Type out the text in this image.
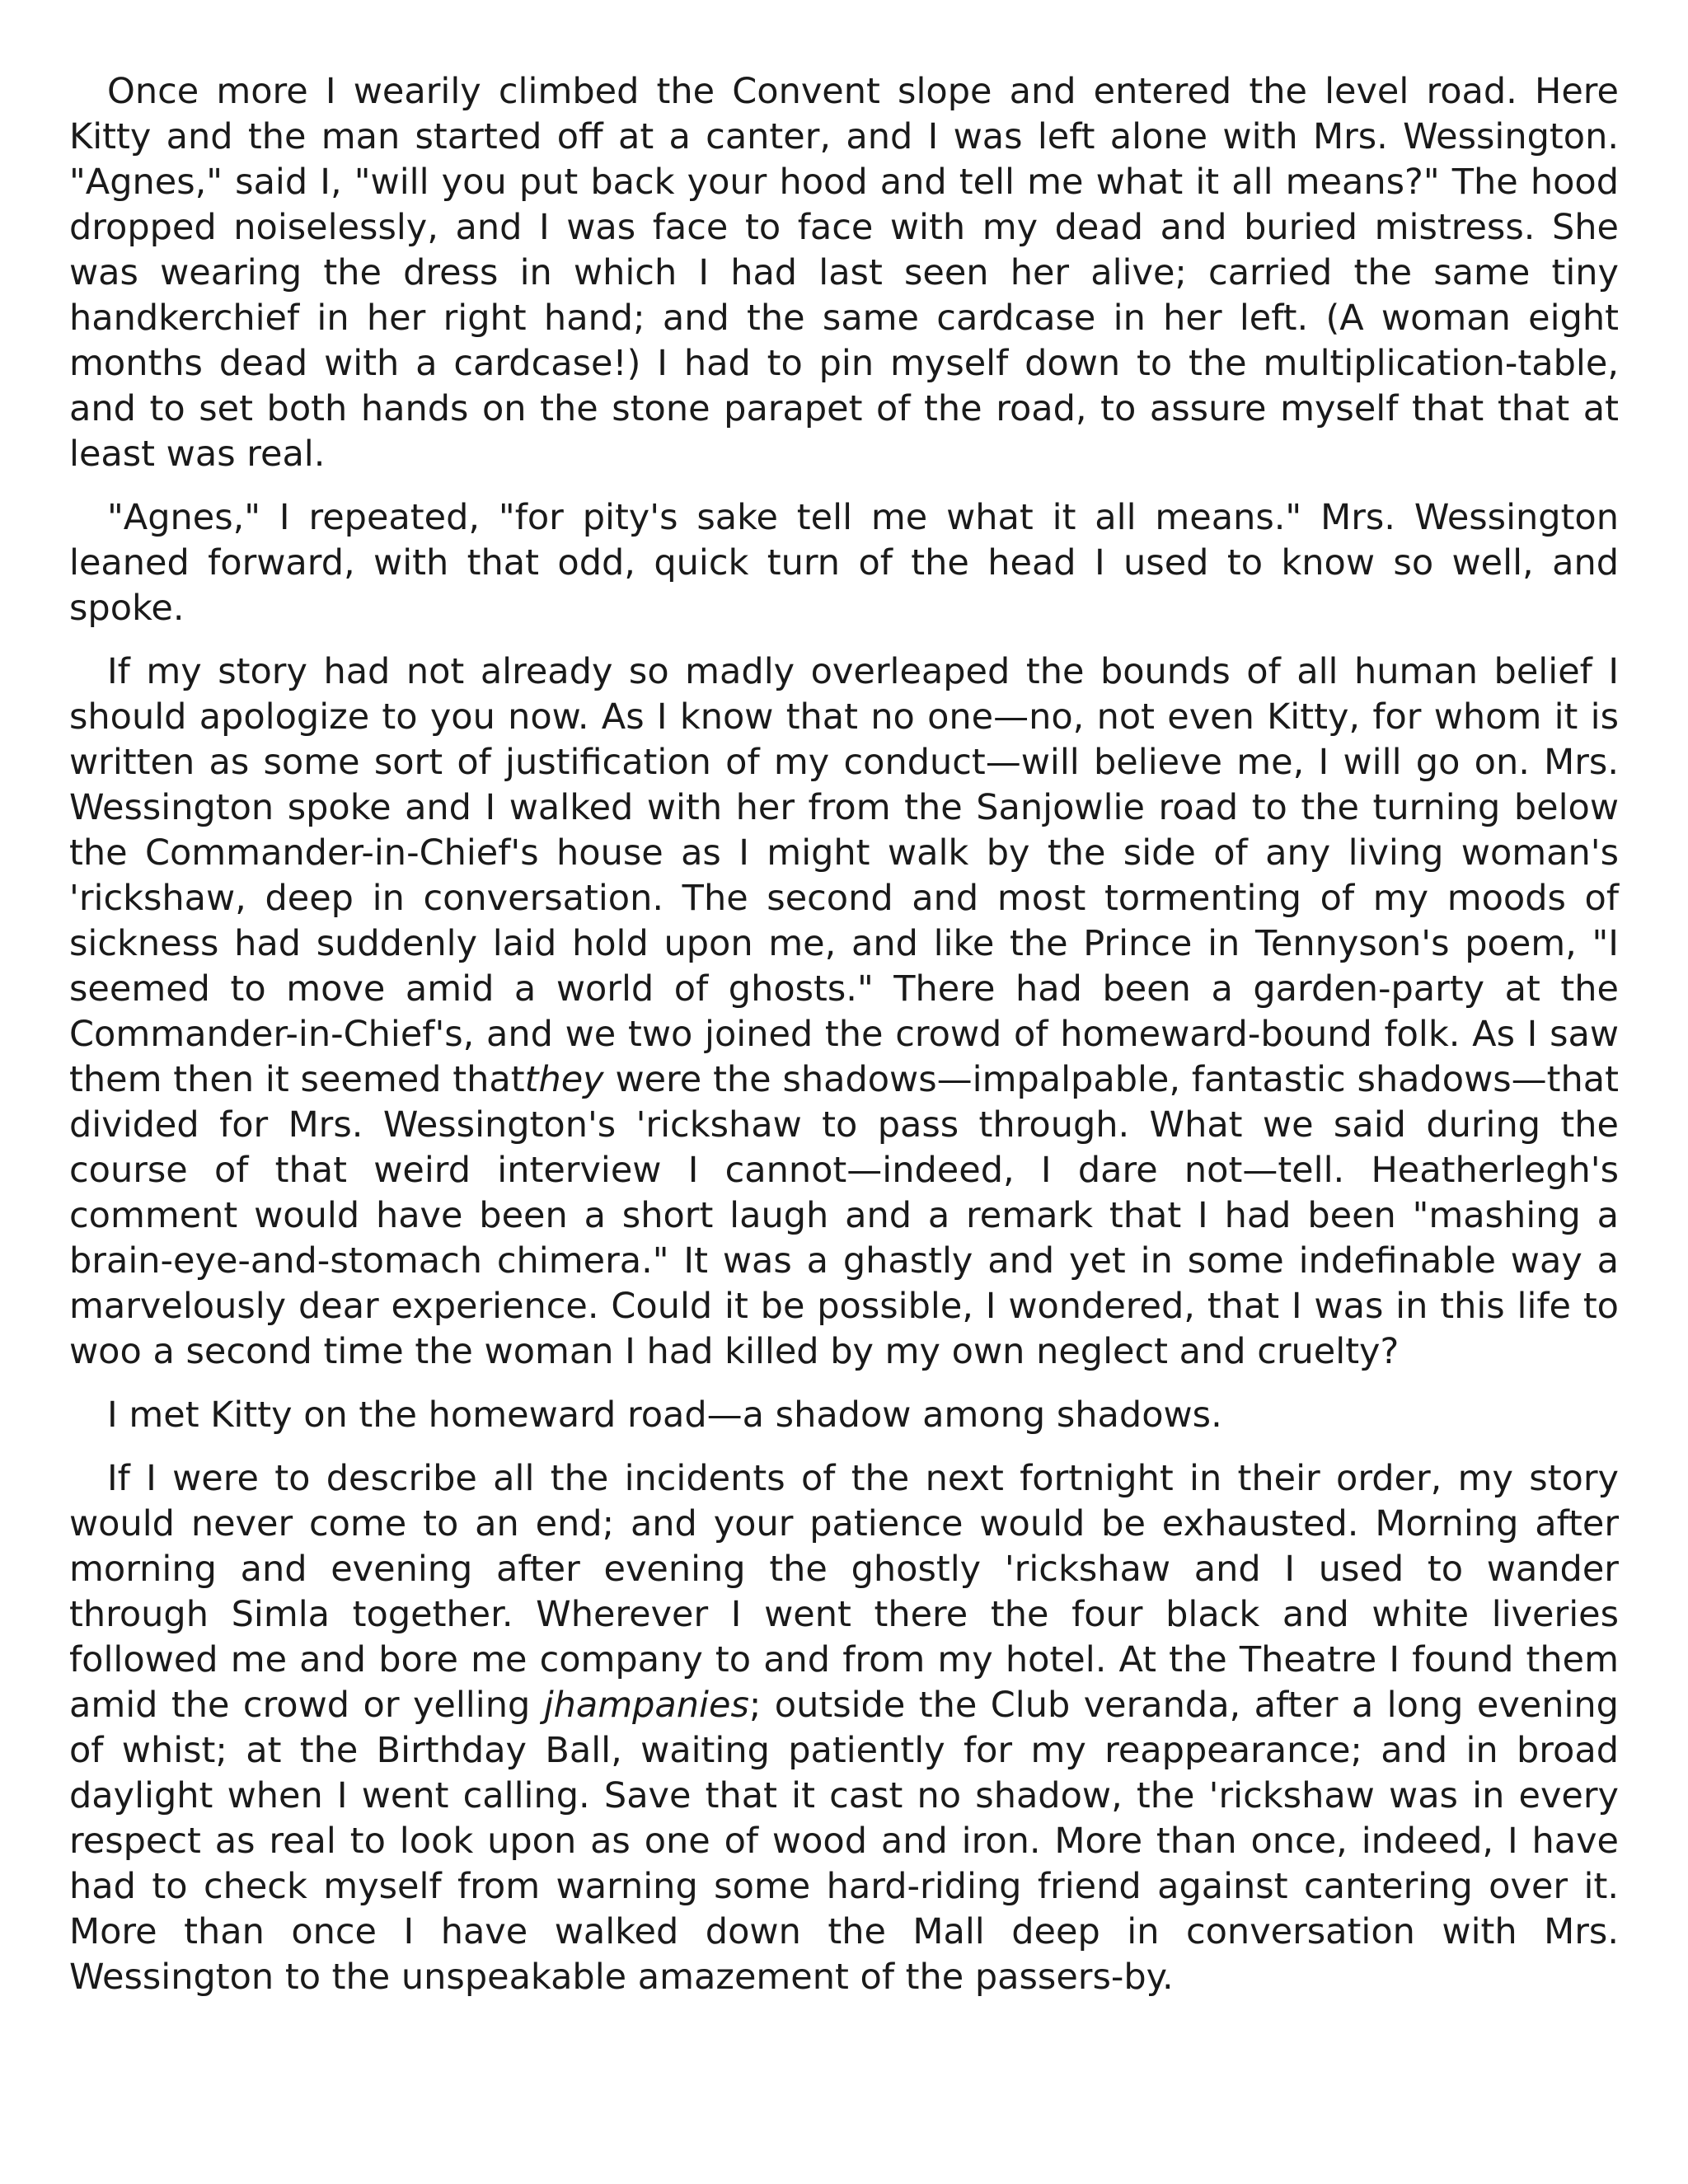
Once more I wearily climbed the Convent slope and entered the level road. Here Kitty and the man started off at a canter, and I was left alone with Mrs. Wessington. "Agnes," said I, "will you put back your hood and tell me what it all means?" The hood dropped noiselessly, and I was face to face with my dead and buried mistress. She was wearing the dress in which I had last seen her alive; carried the same tiny handkerchief in her right hand; and the same cardcase in her left. (A woman eight months dead with a cardcase!) I had to pin myself down to the multiplication-table, and to set both hands on the stone parapet of the road, to assure myself that that at least was real.

"Agnes," I repeated, "for pity's sake tell me what it all means." Mrs. Wessington leaned forward, with that odd, quick turn of the head I used to know so well, and spoke.

If my story had not already so madly overleaped the bounds of all human belief I should apologize to you now. As I know that no one—no, not even Kitty, for whom it is written as some sort of justification of my conduct—will believe me, I will go on. Mrs. Wessington spoke and I walked with her from the Sanjowlie road to the turning below the Commander-in-Chief's house as I might walk by the side of any living woman's 'rickshaw, deep in conversation. The second and most tormenting of my moods of sickness had suddenly laid hold upon me, and like the Prince in Tennyson's poem, "I seemed to move amid a world of ghosts." There had been a garden-party at the Commander-in-Chief's, and we two joined the crowd of homeward-bound folk. As I saw them then it seemed thatthey were the shadows—impalpable, fantastic shadows—that divided for Mrs. Wessington's 'rickshaw to pass through. What we said during the course of that weird interview I cannot—indeed, I dare not—tell. Heatherlegh's comment would have been a short laugh and a remark that I had been "mashing a brain-eye-and-stomach chimera." It was a ghastly and yet in some indefinable way a marvelously dear experience. Could it be possible, I wondered, that I was in this life to woo a second time the woman I had killed by my own neglect and cruelty?

I met Kitty on the homeward road—a shadow among shadows.

If I were to describe all the incidents of the next fortnight in their order, my story would never come to an end; and your patience would be exhausted. Morning after morning and evening after evening the ghostly 'rickshaw and I used to wander through Simla together. Wherever I went there the four black and white liveries followed me and bore me company to and from my hotel. At the Theatre I found them amid the crowd or yelling jhampanies; outside the Club veranda, after a long evening of whist; at the Birthday Ball, waiting patiently for my reappearance; and in broad daylight when I went calling. Save that it cast no shadow, the 'rickshaw was in every respect as real to look upon as one of wood and iron. More than once, indeed, I have had to check myself from warning some hard-riding friend against cantering over it. More than once I have walked down the Mall deep in conversation with Mrs. Wessington to the unspeakable amazement of the passers-by.
